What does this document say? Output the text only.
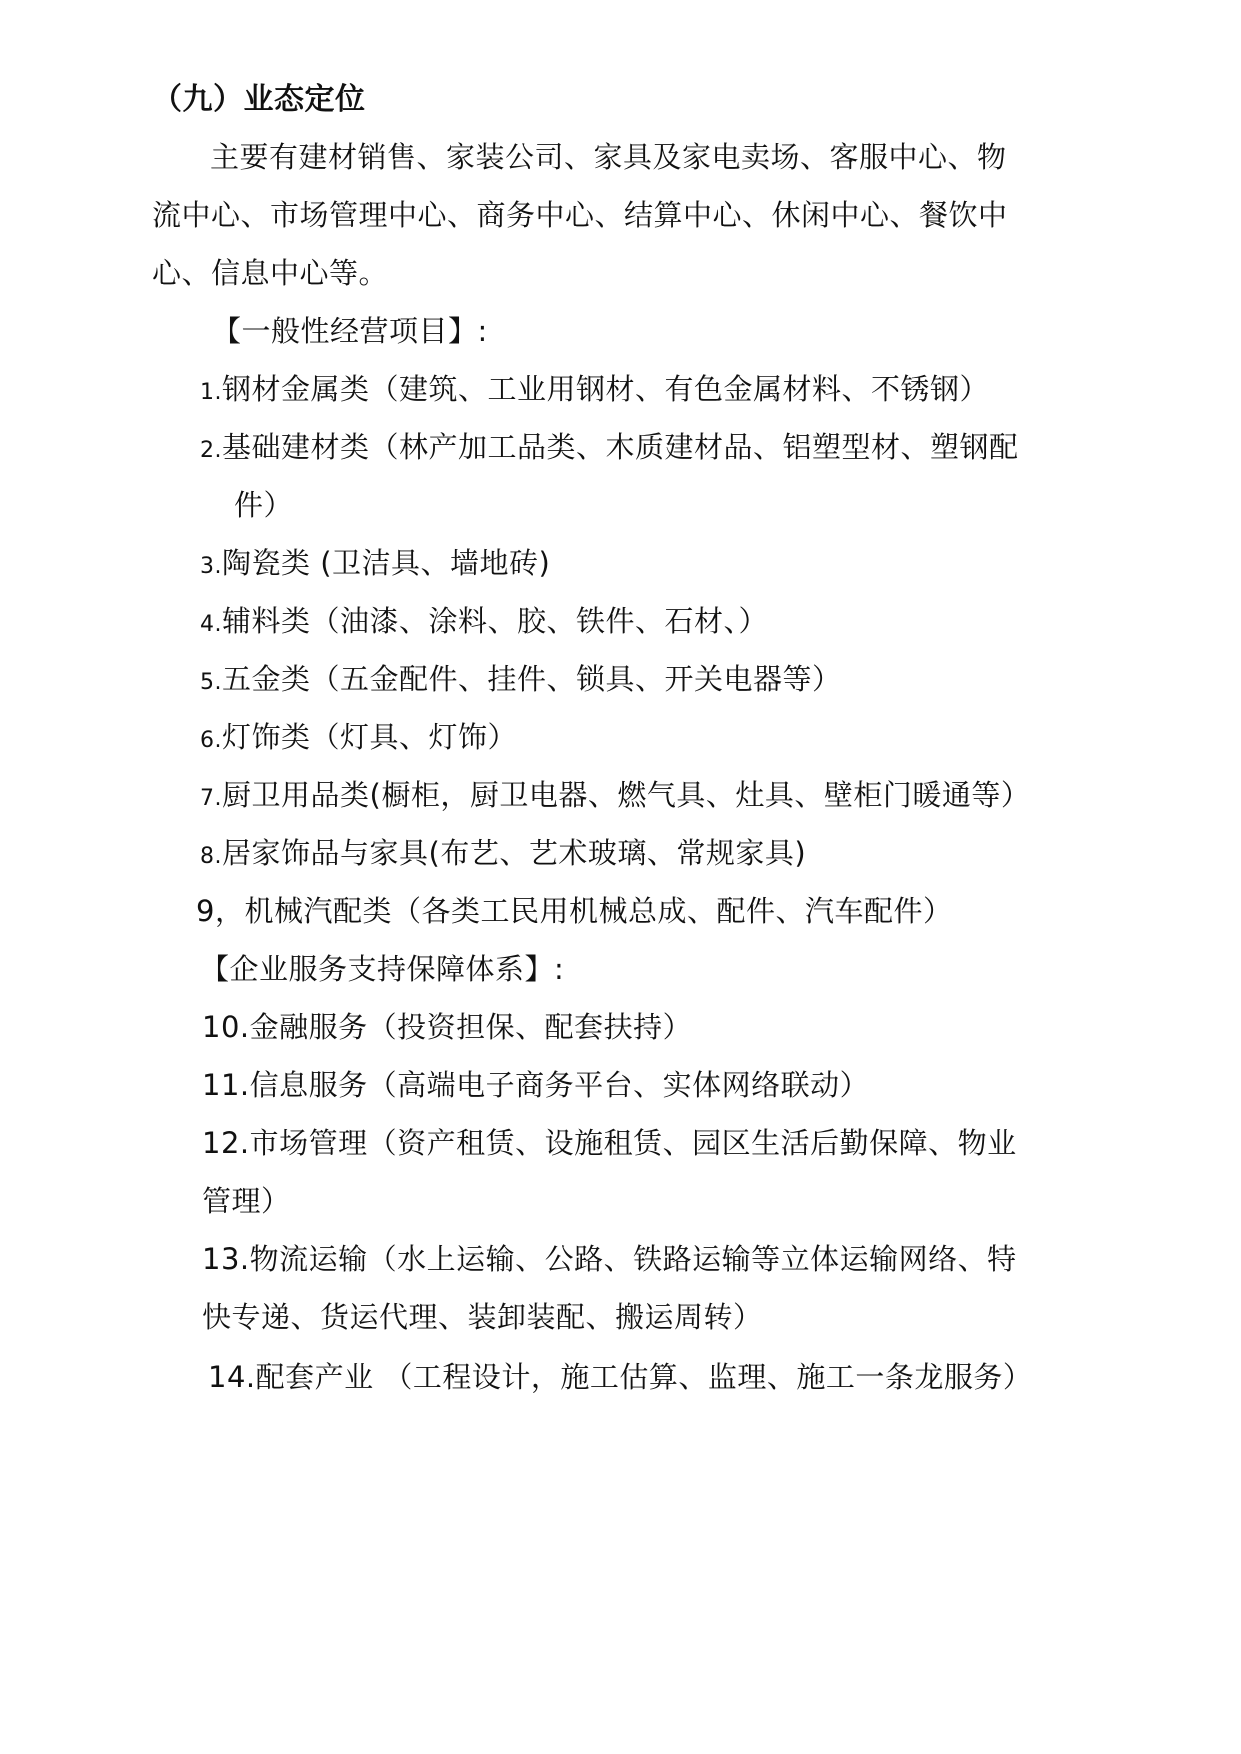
（九）业态定位
主要有建材销售、家装公司、家具及家电卖场、客服中心、物
流中心、市场管理中心、商务中心、结算中心、休闲中心、餐饮中
心、信息中心等。
【一般性经营项目】:
1.钢材金属类（建筑、工业用钢材、有色金属材料、不锈钢）
2.基础建材类（林产加工品类、木质建材品、铝塑型材、塑钢配
件）
3.陶瓷类 (卫洁具、墙地砖)
4.辅料类（油漆、涂料、胶、铁件、石材、）
5.五金类（五金配件、挂件、锁具、开关电器等）
6.灯饰类（灯具、灯饰）
7.厨卫用品类(橱柜，厨卫电器、燃气具、灶具、壁柜门暖通等）
8.居家饰品与家具(布艺、艺术玻璃、常规家具)
9，机械汽配类（各类工民用机械总成、配件、汽车配件）
【企业服务支持保障体系】:
10.金融服务（投资担保、配套扶持）
11.信息服务（高端电子商务平台、实体网络联动）
12.市场管理（资产租赁、设施租赁、园区生活后勤保障、物业
管理）
13.物流运输（水上运输、公路、铁路运输等立体运输网络、特
快专递、货运代理、装卸装配、搬运周转）
14.配套产业 （工程设计，施工估算、监理、施工一条龙服务）
